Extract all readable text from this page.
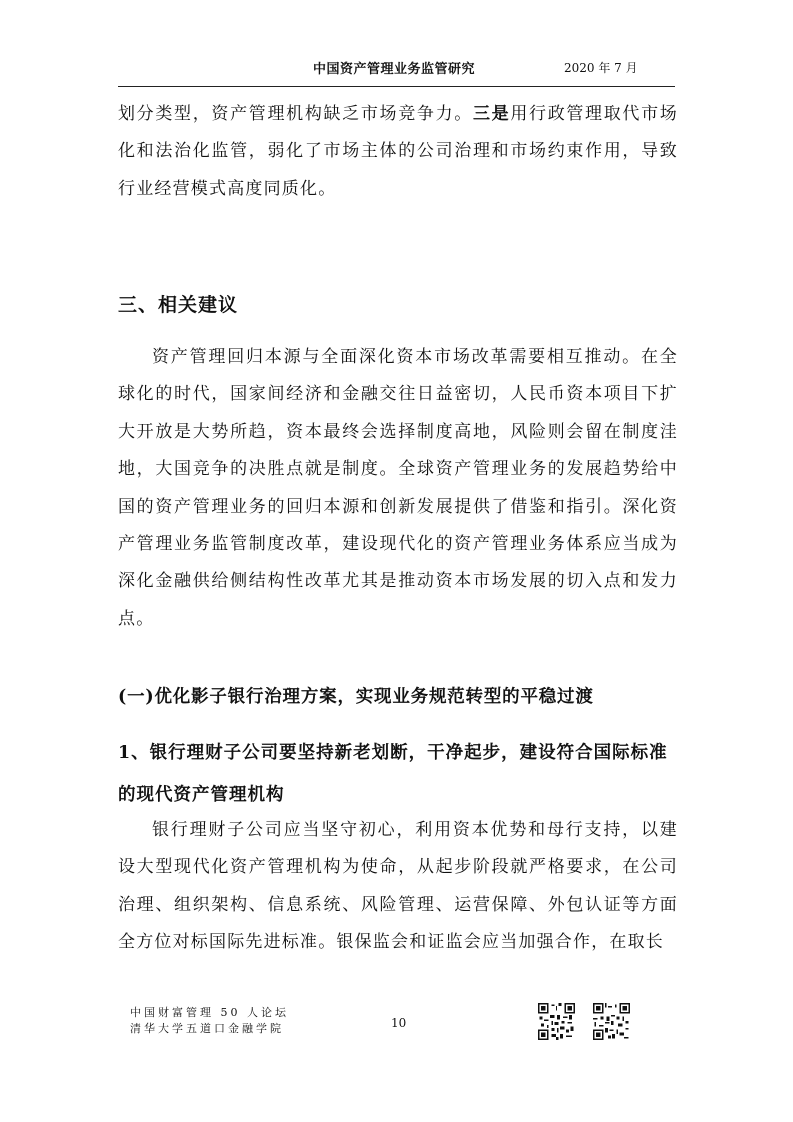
中国资产管理业务监管研究	2020 年 7 月

划分类型，资产管理机构缺乏市场竞争力。三是用行政管理取代市场化和法治化监管，弱化了市场主体的公司治理和市场约束作用，导致行业经营模式高度同质化。

三、相关建议

资产管理回归本源与全面深化资本市场改革需要相互推动。在全球化的时代，国家间经济和金融交往日益密切，人民币资本项目下扩大开放是大势所趋，资本最终会选择制度高地，风险则会留在制度洼地，大国竞争的决胜点就是制度。全球资产管理业务的发展趋势给中国的资产管理业务的回归本源和创新发展提供了借鉴和指引。深化资产管理业务监管制度改革，建设现代化的资产管理业务体系应当成为深化金融供给侧结构性改革尤其是推动资本市场发展的切入点和发力点。

(一)优化影子银行治理方案，实现业务规范转型的平稳过渡
1、银行理财子公司要坚持新老划断，干净起步，建设符合国际标准的现代资产管理机构

银行理财子公司应当坚守初心，利用资本优势和母行支持，以建设大型现代化资产管理机构为使命，从起步阶段就严格要求，在公司治理、组织架构、信息系统、风险管理、运营保障、外包认证等方面全方位对标国际先进标准。银保监会和证监会应当加强合作，在取长

中国财富管理 50 人论坛
清华大学五道口金融学院	10
